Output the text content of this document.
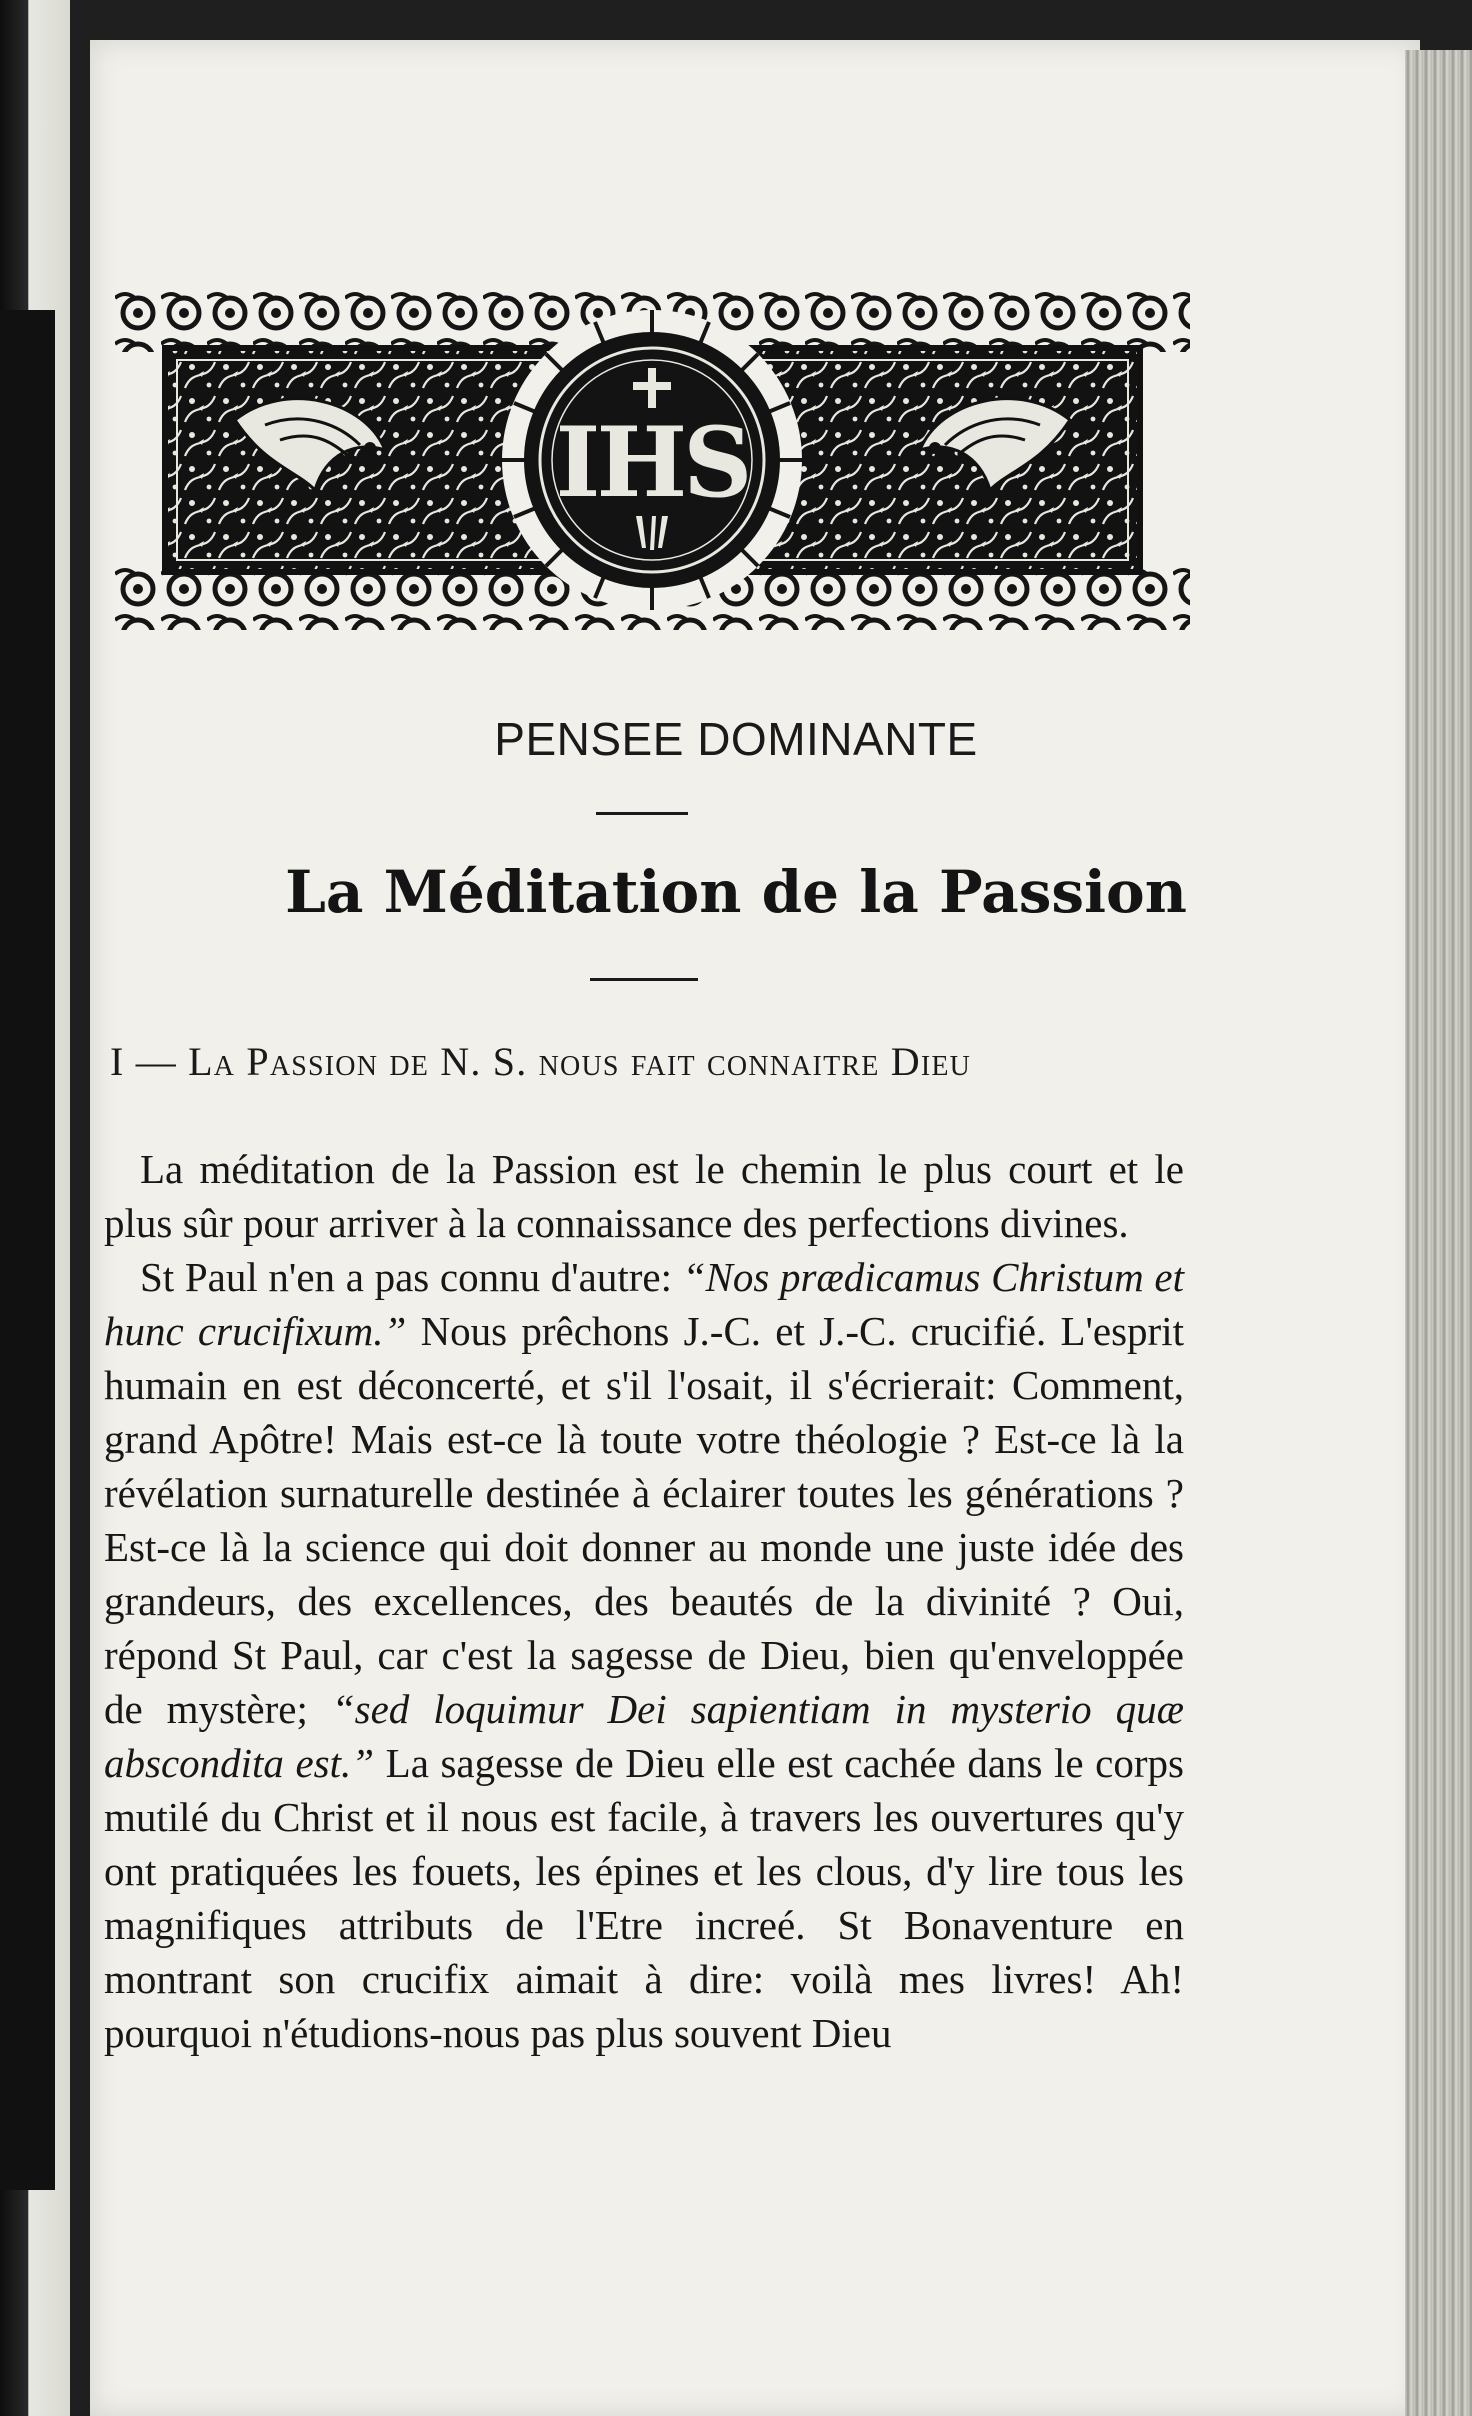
IHS
PENSEE DOMINANTE
La Méditation de la Passion
I — La Passion de N. S. nous fait connaitre Dieu

La méditation de la Passion est le chemin le plus court et le plus sûr pour arriver à la connaissance des perfections divines.

St Paul n'en a pas connu d'autre: “Nos prædicamus Christum et hunc crucifixum.” Nous prêchons J.-C. et J.-C. crucifié. L'esprit humain en est déconcerté, et s'il l'osait, il s'écrierait: Comment, grand Apôtre! Mais est-ce là toute votre théologie ? Est-ce là la révélation surnaturelle destinée à éclairer toutes les générations ? Est-ce là la science qui doit donner au monde une juste idée des grandeurs, des excellences, des beautés de la divinité ? Oui, répond St Paul, car c'est la sagesse de Dieu, bien qu'enveloppée de mystère; “sed loquimur Dei sapientiam in mysterio quæ abscondita est.” La sagesse de Dieu elle est cachée dans le corps mutilé du Christ et il nous est facile, à travers les ouvertures qu'y ont pratiquées les fouets, les épines et les clous, d'y lire tous les magnifiques attributs de l'Etre increé. St Bonaventure en montrant son crucifix aimait à dire: voilà mes livres! Ah! pourquoi n'étudions-nous pas plus souvent Dieu
